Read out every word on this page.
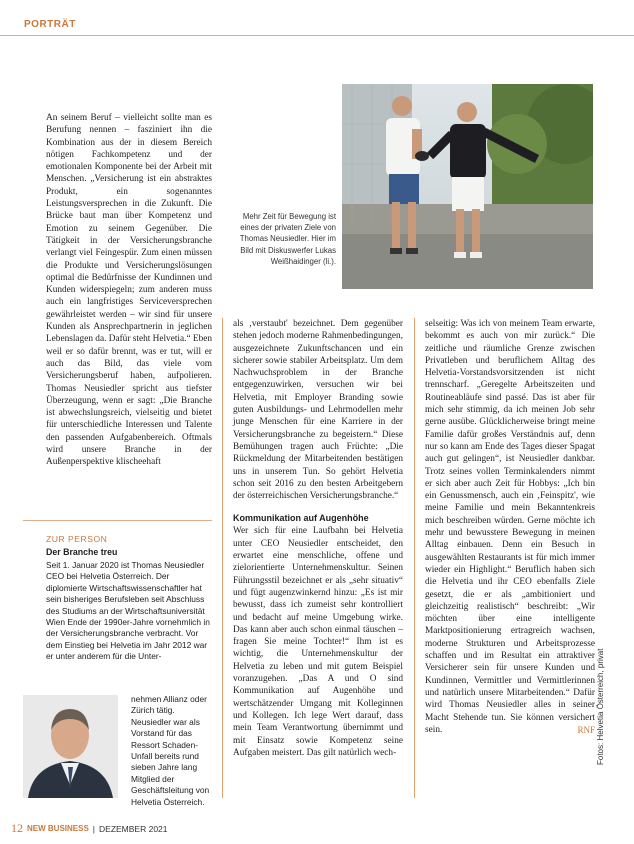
PORTRÄT
Mehr Zeit für Bewegung ist eines der privaten Ziele von Thomas Neusiedler. Hier im Bild mit Diskuswerfer Lukas Weißhaidinger (li.).
An seinem Beruf – vielleicht sollte man es Berufung nennen – fasziniert ihn die Kombination aus der in diesem Bereich nötigen Fachkompetenz und der emotionalen Komponente bei der Arbeit mit Menschen. „Versicherung ist ein abstraktes Produkt, ein sogenanntes Leistungsversprechen in die Zukunft. Die Brücke baut man über Kompetenz und Emotion zu seinem Gegenüber. Die Tätigkeit in der Versicherungsbranche verlangt viel Feingespür. Zum einen müssen die Produkte und Versicherungslösungen optimal die Bedürfnisse der Kundinnen und Kunden widerspiegeln; zum anderen muss auch ein langfristiges Serviceversprechen gewährleistet werden – wir sind für unsere Kunden als Ansprechpartnerin in jeglichen Lebenslagen da. Dafür steht Helvetia.“ Eben weil er so dafür brennt, was er tut, will er auch das Bild, das viele vom Versicherungsberuf haben, aufpolieren. Thomas Neusiedler spricht aus tiefster Überzeugung, wenn er sagt: „Die Branche ist abwechslungsreich, vielseitig und bietet für unterschiedliche Interessen und Talente den passenden Aufgabenbereich. Oftmals wird unsere Branche in der Außenperspektive klischeehaft
ZUR PERSON
Der Branche treu
Seit 1. Januar 2020 ist Thomas Neusiedler CEO bei Helvetia Österreich. Der diplomierte Wirtschaftswissenschaftler hat sein bisheriges Berufsleben seit Abschluss des Studiums an der Wirtschaftsuniversität Wien Ende der 1990er-Jahre vornehmlich in der Versicherungsbranche verbracht. Vor dem Einstieg bei Helvetia im Jahr 2012 war er unter anderem für die Unter-
nehmen Allianz oder Zürich tätig. Neusiedler war als Vorstand für das Ressort Schaden-Unfall bereits rund sieben Jahre lang Mitglied der Geschäftsleitung von Helvetia Österreich.

als ‚verstaubt' bezeichnet. Dem gegenüber stehen jedoch moderne Rahmenbedingungen, ausgezeichnete Zukunftschancen und ein sicherer sowie stabiler Arbeitsplatz. Um dem Nachwuchsproblem in der Branche entgegenzuwirken, versuchen wir bei Helvetia, mit Employer Branding sowie guten Ausbildungs- und Lehrmodellen mehr junge Menschen für eine Karriere in der Versicherungsbranche zu begeistern.“ Diese Bemühungen tragen auch Früchte: „Die Rückmeldung der Mitarbeitenden bestätigen uns in unserem Tun. So gehört Helvetia schon seit 2016 zu den besten Arbeitgebern der österreichischen Versicherungsbranche.“

Kommunikation auf Augenhöhe

Wer sich für eine Laufbahn bei Helvetia unter CEO Neusiedler entscheidet, den erwartet eine menschliche, offene und zielorientierte Unternehmenskultur. Seinen Führungsstil bezeichnet er als „sehr situativ“ und fügt augenzwinkernd hinzu: „Es ist mir bewusst, dass ich zumeist sehr kontrolliert und bedacht auf meine Umgebung wirke. Das kann aber auch schon einmal täuschen – fragen Sie meine Tochter!“ Ihm ist es wichtig, die Unternehmenskultur der Helvetia zu leben und mit gutem Beispiel voranzugehen. „Das A und O sind Kommunikation auf Augenhöhe und wertschätzender Umgang mit Kolleginnen und Kollegen. Ich lege Wert darauf, dass mein Team Verantwortung übernimmt und mit Einsatz sowie Kompetenz seine Aufgaben meistert. Das gilt natürlich wech-

selseitig: Was ich von meinem Team erwarte, bekommt es auch von mir zurück.“ Die zeitliche und räumliche Grenze zwischen Privatleben und beruflichem Alltag des Helvetia-Vorstandsvorsitzenden ist nicht trennscharf. „Geregelte Arbeitszeiten und Routineabläufe sind passé. Das ist aber für mich sehr stimmig, da ich meinen Job sehr gerne ausübe. Glücklicherweise bringt meine Familie dafür großes Verständnis auf, denn nur so kann am Ende des Tages dieser Spagat auch gut gelingen“, ist Neusiedler dankbar. Trotz seines vollen Terminkalenders nimmt er sich aber auch Zeit für Hobbys: „Ich bin ein Genussmensch, auch ein ‚Feinspitz', wie meine Familie und mein Bekanntenkreis mich beschreiben würden. Gerne möchte ich mehr und bewusstere Bewegung in meinen Alltag einbauen. Denn ein Besuch in ausgewählten Restaurants ist für mich immer wieder ein Highlight.“ Beruflich haben sich die Helvetia und ihr CEO ebenfalls Ziele gesetzt, die er als „ambitioniert und gleichzeitig realistisch“ beschreibt: „Wir möchten über eine intelligente Marktpositionierung ertragreich wachsen, moderne Strukturen und Arbeitsprozesse schaffen und im Resultat ein attraktiver Versicherer sein für unsere Kunden und Kundinnen, Vermittler und Vermittlerinnen und natürlich unsere Mitarbeitenden.“ Dafür wird Thomas Neusiedler alles in seiner Macht Stehende tun. Sie können versichert sein.	RNF Fotos: Helvetia Österreich, privat
12 NEW BUSINESS | DEZEMBER 2021
